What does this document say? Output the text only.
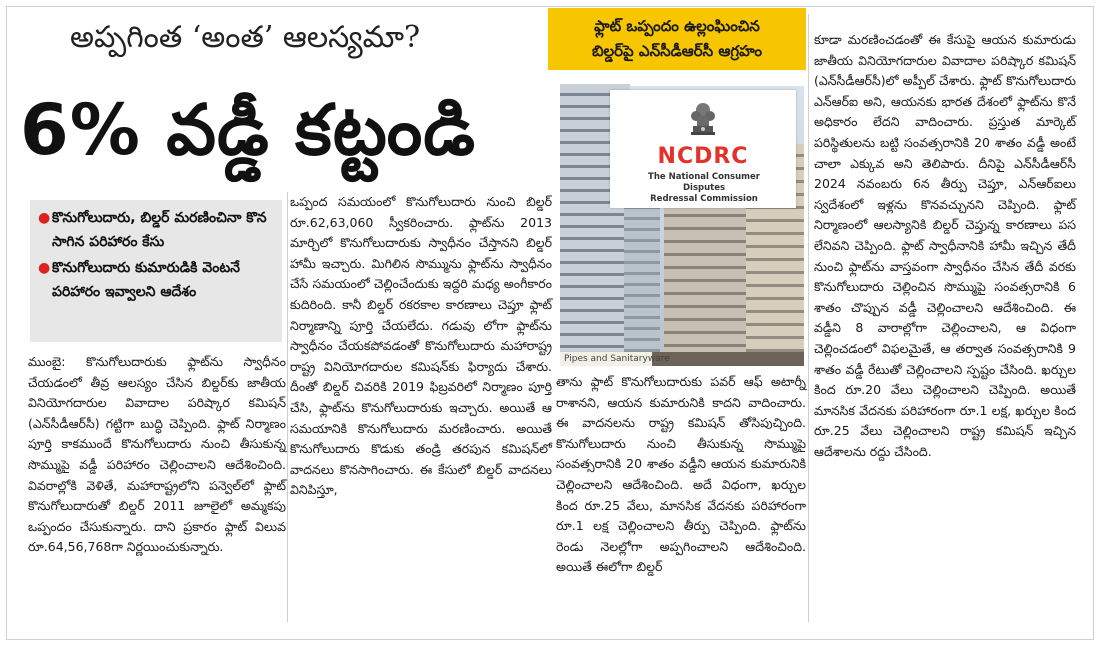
అప్పగింత ‘అంత’ ఆలస్యమా?
6% వడ్డీ కట్టండి
ఫ్లాట్ ఒప్పందం ఉల్లంఘించిన
బిల్డర్‌పై ఎన్‌సీడీఆర్‌సీ ఆగ్రహం
● కొనుగోలుదారు, బిల్డర్ మరణించినా కొన సాగిన పరిహారం కేసు
● కొనుగోలుదారు కుమారుడికి వెంటనే పరిహారం ఇవ్వాలని ఆదేశం
ముంబై: కొనుగోలుదారుకు ఫ్లాట్‌ను స్వాధీనం చేయడంలో తీవ్ర ఆలస్యం చేసిన బిల్డర్‌కు జాతీయ వినియోగదారుల వివాదాల పరిష్కార కమిషన్ (ఎన్‌సీడీఆర్‌సీ) గట్టిగా బుద్ధి చెప్పింది. ఫ్లాట్ నిర్మాణం పూర్తి కాకముందే కొనుగోలుదారు నుంచి తీసుకున్న సొమ్ముపై వడ్డీ పరిహారం చెల్లించాలని ఆదేశించింది. వివరాల్లోకి వెళితే, మహారాష్ట్రలోని పన్వెల్‌లో ఫ్లాట్ కొనుగోలుదారుతో బిల్డర్ 2011 జూలైలో అమ్మకపు ఒప్పందం చేసుకున్నారు. దాని ప్రకారం ఫ్లాట్ విలువ రూ.64,56,768గా నిర్ణయించుకున్నారు.
ఒప్పంద సమయంలో కొనుగోలుదారు నుంచి బిల్డర్ రూ.62,63,060 స్వీకరించారు. ఫ్లాట్‌ను 2013 మార్చిలో కొనుగోలుదారుకు స్వాధీనం చేస్తానని బిల్డర్ హామీ ఇచ్చారు. మిగిలిన సొమ్మును ఫ్లాట్‌ను స్వాధీనం చేసే సమయంలో చెల్లించేందుకు ఇద్దరి మధ్య అంగీకారం కుదిరింది. కానీ బిల్డర్ రకరకాల కారణాలు చెప్తూ ఫ్లాట్ నిర్మాణాన్ని పూర్తి చేయలేదు. గడువు లోగా ఫ్లాట్‌ను స్వాధీనం చేయకపోవడంతో కొనుగోలుదారు మహారాష్ట్ర రాష్ట్ర వినియోగదారుల కమిషన్‌కు ఫిర్యాదు చేశారు. దీంతో బిల్డర్ చివరికి 2019 ఫిబ్రవరిలో నిర్మాణం పూర్తి చేసి, ఫ్లాట్‌ను కొనుగోలుదారుకు ఇచ్చారు. అయితే ఆ సమయానికి కొనుగోలుదారు మరణించారు. అయితే కొనుగోలుదారు కొడుకు తండ్రి తరపున కమిషన్‌లో వాదనలు కొనసాగించారు. ఈ కేసులో బిల్డర్ వాదనలు వినిపిస్తూ,
Pipes and Sanitaryware
NCDRC
The National Consumer Disputes
Redressal Commission
తాను ఫ్లాట్ కొనుగోలుదారుకు పవర్ ఆఫ్ అటార్నీ రాశానని, ఆయన కుమారునికి కాదని వాదించారు. ఈ వాదనలను రాష్ట్ర కమిషన్ తోసిపుచ్చింది. కొనుగోలుదారు నుంచి తీసుకున్న సొమ్ముపై సంవత్సరానికి 20 శాతం వడ్డీని ఆయన కుమారునికి చెల్లించాలని ఆదేశించింది. అదే విధంగా, ఖర్చుల కింద రూ.25 వేలు, మానసిక వేదనకు పరిహారంగా రూ.1 లక్ష చెల్లించాలని తీర్పు చెప్పింది. ఫ్లాట్‌ను రెండు నెలల్లోగా అప్పగించాలని ఆదేశించింది. అయితే ఈలోగా బిల్డర్
కూడా మరణించడంతో ఈ కేసుపై ఆయన కుమారుడు జాతీయ వినియోగదారుల వివాదాల పరిష్కార కమిషన్ (ఎన్‌సీడీఆర్‌సీ)లో అప్పీల్ చేశారు. ఫ్లాట్ కొనుగోలుదారు ఎన్ఆర్ఐ అని, ఆయనకు భారత దేశంలో ఫ్లాట్‌ను కొనే అధికారం లేదని వాదించారు. ప్రస్తుత మార్కెట్ పరిస్థితులను బట్టి సంవత్సరానికి 20 శాతం వడ్డీ అంటే చాలా ఎక్కువ అని తెలిపారు. దీనిపై ఎన్‌సీడీఆర్‌సీ 2024 నవంబరు 6న తీర్పు చెప్తూ, ఎన్ఆర్ఐలు స్వదేశంలో ఇళ్లను కొనవచ్చునని చెప్పింది. ఫ్లాట్ నిర్మాణంలో ఆలస్యానికి బిల్డర్ చెప్తున్న కారణాలు పస లేనివని చెప్పింది. ఫ్లాట్ స్వాధీనానికి హామీ ఇచ్చిన తేదీ నుంచి ఫ్లాట్‌ను వాస్తవంగా స్వాధీనం చేసిన తేదీ వరకు కొనుగోలుదారు చెల్లించిన సొమ్ముపై సంవత్సరానికి 6 శాతం చొప్పున వడ్డీ చెల్లించాలని ఆదేశించింది. ఈ వడ్డీని 8 వారాల్లోగా చెల్లించాలని, ఆ విధంగా చెల్లించడంలో విఫలమైతే, ఆ తర్వాత సంవత్సరానికి 9 శాతం వడ్డీ రేటుతో చెల్లించాలని స్పష్టం చేసింది. ఖర్చుల కింద రూ.20 వేలు చెల్లించాలని చెప్పింది. అయితే మానసిక వేదనకు పరిహారంగా రూ.1 లక్ష, ఖర్చుల కింద రూ.25 వేలు చెల్లించాలని రాష్ట్ర కమిషన్ ఇచ్చిన ఆదేశాలను రద్దు చేసింది.
